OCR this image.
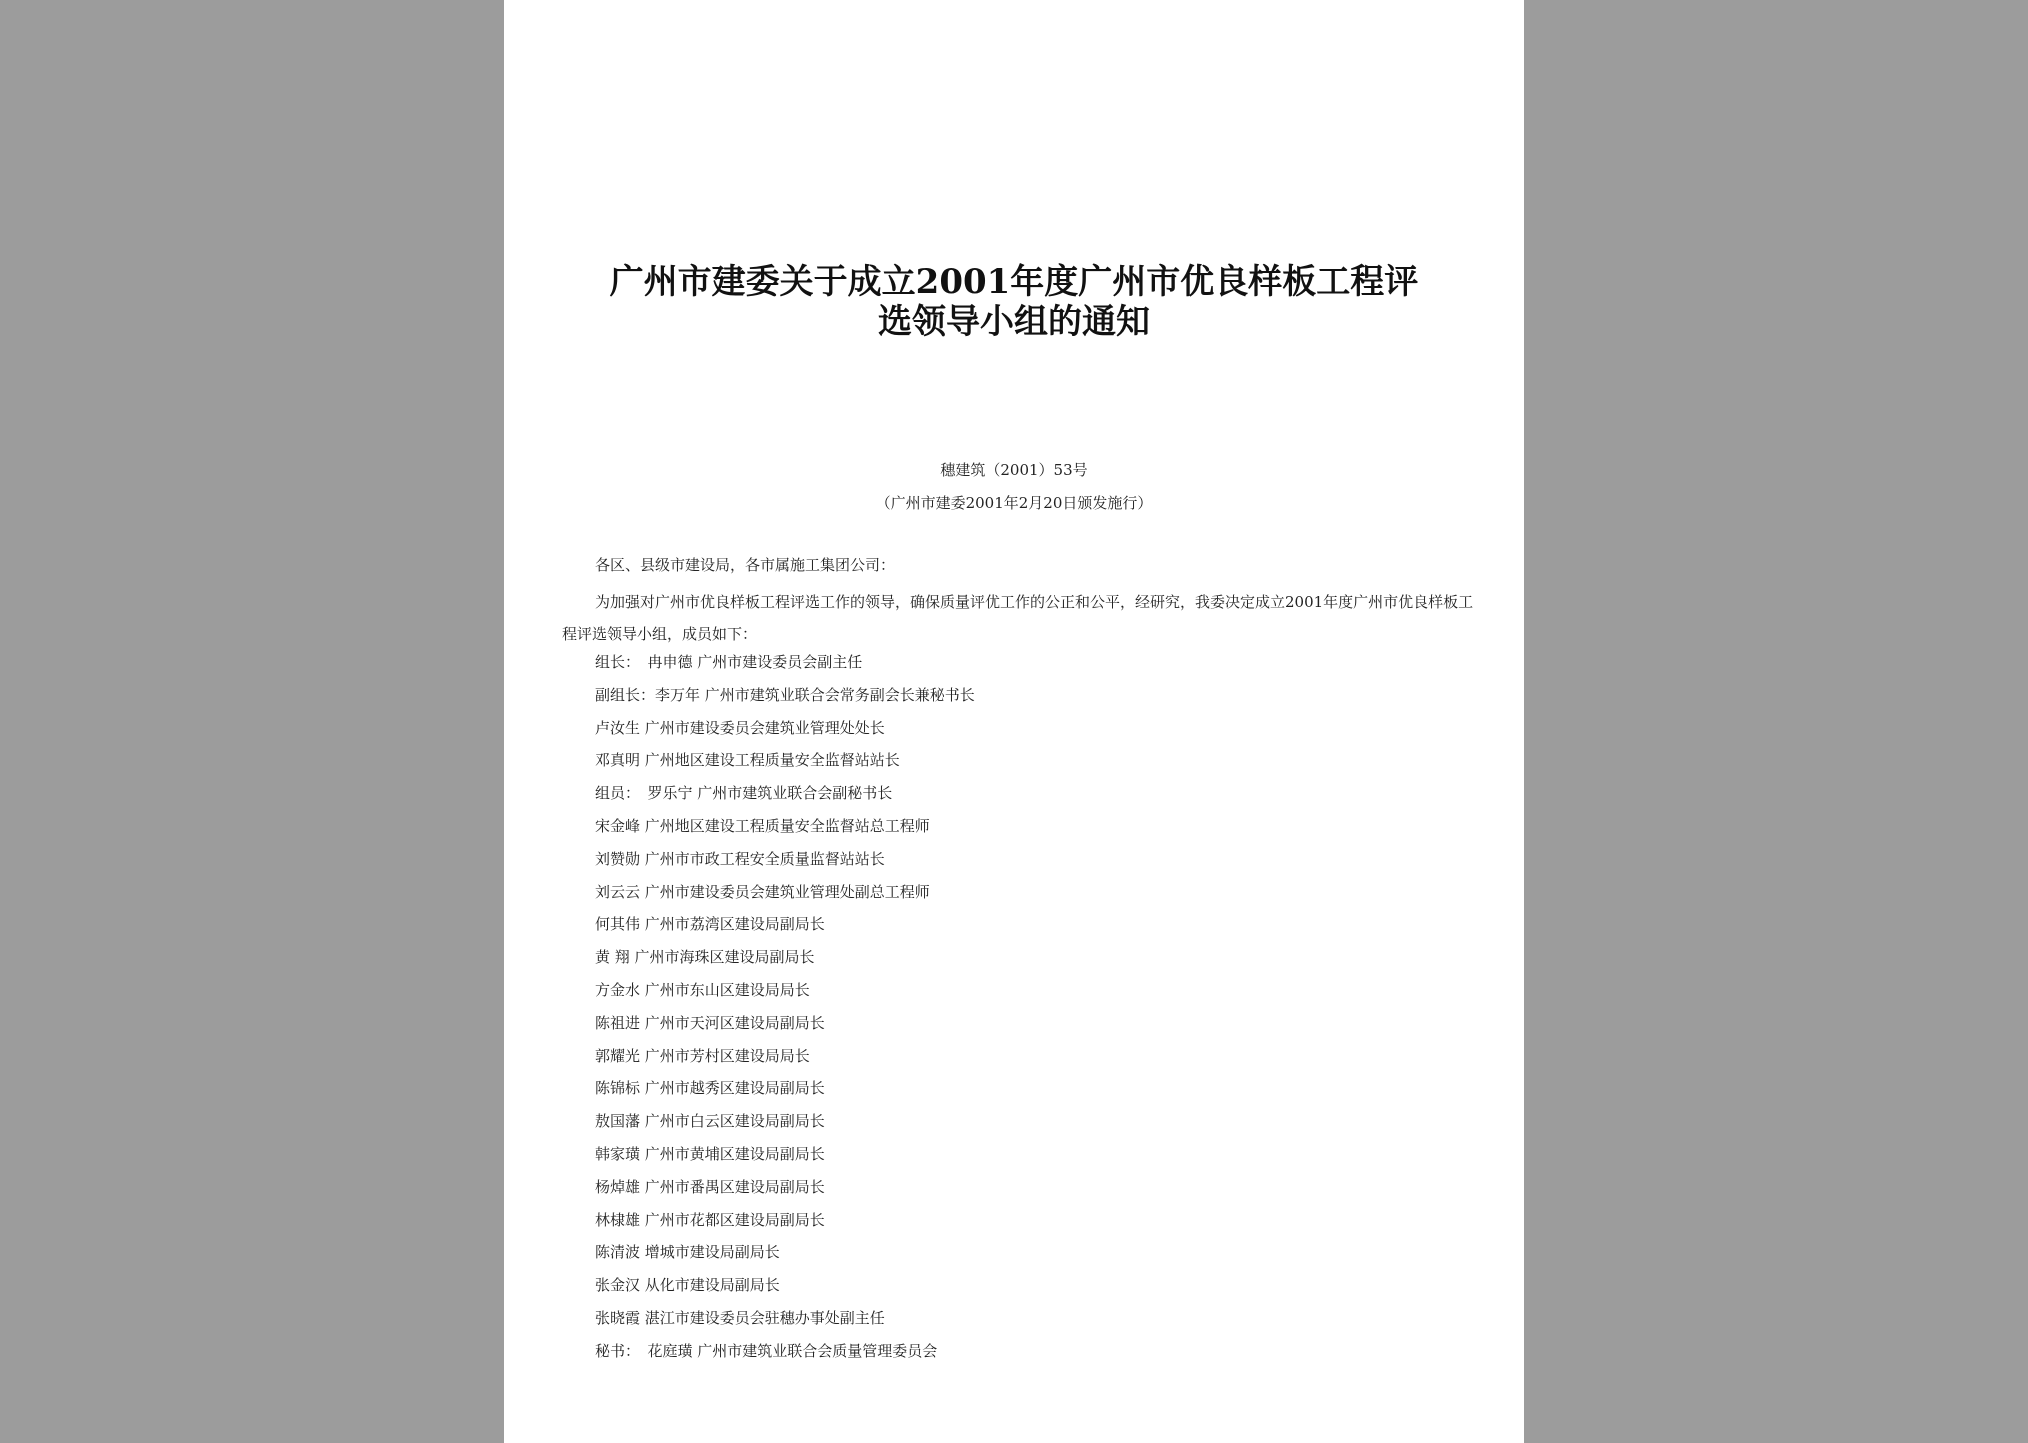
广州市建委关于成立2001年度广州市优良样板工程评
选领导小组的通知
穗建筑（2001）53号
（广州市建委2001年2月20日颁发施行）
各区、县级市建设局，各市属施工集团公司：
为加强对广州市优良样板工程评选工作的领导，确保质量评优工作的公正和公平，经研究，我委决定成立2001年度广州市优良样板工程评选领导小组，成员如下：
组长：　冉申德 广州市建设委员会副主任
副组长：李万年 广州市建筑业联合会常务副会长兼秘书长
卢汝生 广州市建设委员会建筑业管理处处长
邓真明 广州地区建设工程质量安全监督站站长
组员：　罗乐宁 广州市建筑业联合会副秘书长
宋金峰 广州地区建设工程质量安全监督站总工程师
刘赞勋 广州市市政工程安全质量监督站站长
刘云云 广州市建设委员会建筑业管理处副总工程师
何其伟 广州市荔湾区建设局副局长
黄 翔 广州市海珠区建设局副局长
方金水 广州市东山区建设局局长
陈祖进 广州市天河区建设局副局长
郭耀光 广州市芳村区建设局局长
陈锦标 广州市越秀区建设局副局长
敖国藩 广州市白云区建设局副局长
韩家璜 广州市黄埔区建设局副局长
杨焯雄 广州市番禺区建设局副局长
林棣雄 广州市花都区建设局副局长
陈清波 增城市建设局副局长
张金汉 从化市建设局副局长
张晓霞 湛江市建设委员会驻穗办事处副主任
秘书：　花庭璜 广州市建筑业联合会质量管理委员会
